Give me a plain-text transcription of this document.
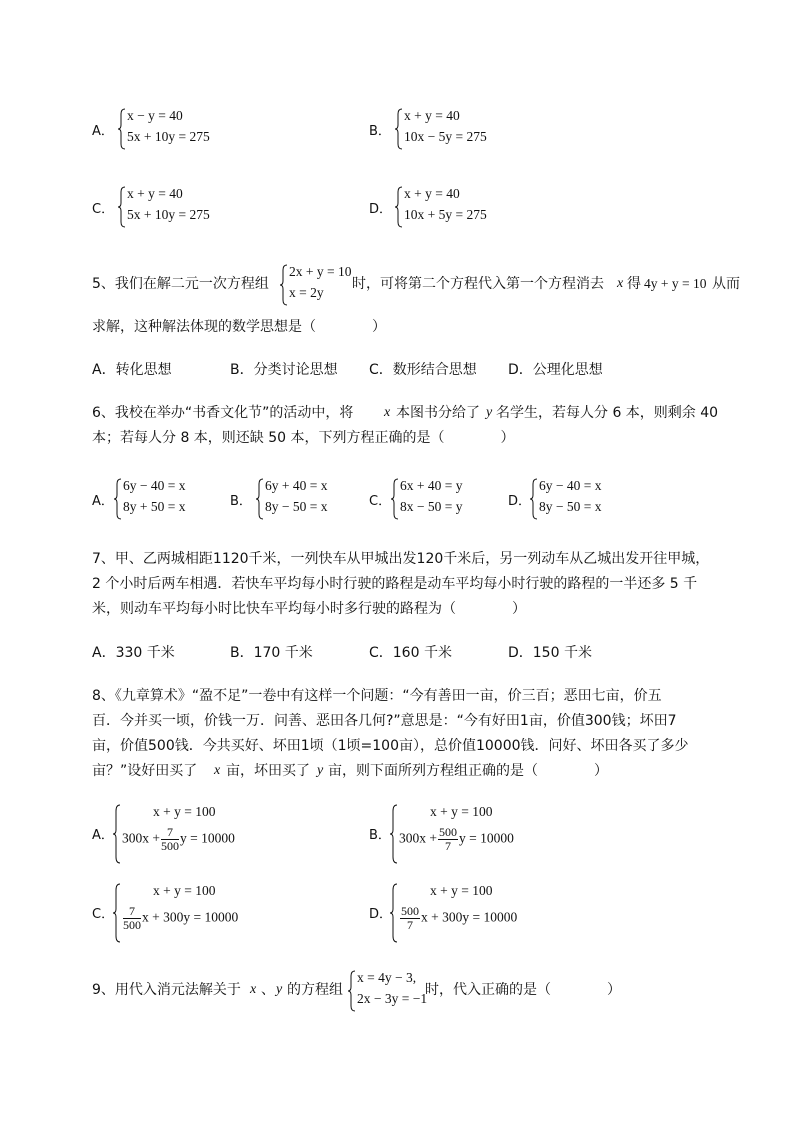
A．
x − y = 40
5x + 10y = 275	B．
x + y = 40
10x − 5y = 275
C．
x + y = 40
5x + 10y = 275	D．
x + y = 40
10x + 5y = 275
5、我们在解二元一次方程组
2x + y = 10
x = 2y
时，可将第二个方程代入第一个方程消去 x 得 4y + y = 10 从而
求解，这种解法体现的数学思想是（　　　　）
A．转化思想	B．分类讨论思想 C．数形结合思想 D．公理化思想
6、我校在举办“书香文化节”的活动中，将 x 本图书分给了 y 名学生，若每人分 6 本，则剩余 40
本；若每人分 8 本，则还缺 50 本，下列方程正确的是（　　　　）
A．
6y − 40 = x
8y + 50 = x	B．
6y + 40 = x
8y − 50 = x	C．
6x + 40 = y
8x − 50 = y	D．
6y − 40 = x
8y − 50 = x
7、甲、乙两城相距1120千米，一列快车从甲城出发120千米后，另一列动车从乙城出发开往甲城，
2 个小时后两车相遇．若快车平均每小时行驶的路程是动车平均每小时行驶的路程的一半还多 5 千
米，则动车平均每小时比快车平均每小时多行驶的路程为（　　　　）
A．330 千米	B．170 千米	C．160 千米	D．150 千米
8、《九章算术》“盈不足”一卷中有这样一个问题：“今有善田一亩，价三百；恶田七亩，价五
百．今并买一顷，价钱一万．问善、恶田各几何?”意思是：“今有好田1亩，价值300钱；坏田7
亩，价值500钱．今共买好、坏田1顷（1顷=100亩），总价值10000钱．问好、坏田各买了多少
亩？”设好田买了 x 亩，坏田买了 y 亩，则下面所列方程组正确的是（　　　　）
A．
x + y = 100
$300x + \frac{7}{500}$ y = 10000	B．
x + y = 100
$300x + \frac{500}{7}$ y = 10000
C．
x + y = 100
$\frac{7}{500}$ x + 300y = 10000	D．
x + y = 100
$\frac{500}{7}$ x + 300y = 10000
9、用代入消元法解关于 x 、 y 的方程组
x = 4y − 3,
2x − 3y = −1
时，代入正确的是（　　　　）
